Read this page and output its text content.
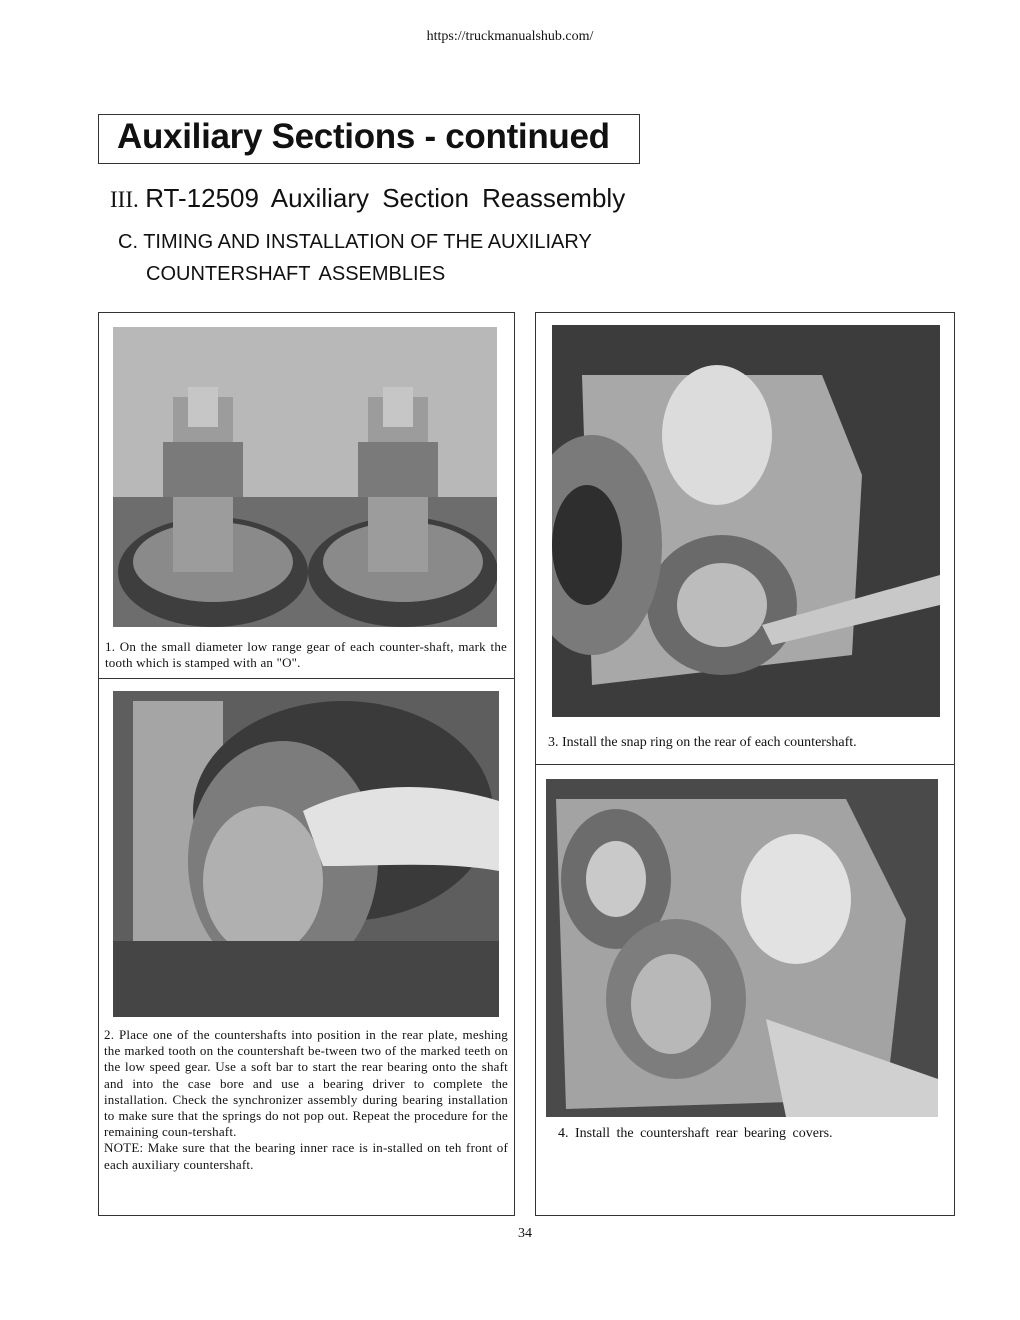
https://truckmanualshub.com/
Auxiliary Sections - continued
III. RT-12509 Auxiliary Section Reassembly
C. TIMING AND INSTALLATION OF THE AUXILIARY
COUNTERSHAFT ASSEMBLIES
1. On the small diameter low range gear of each counter-shaft, mark the tooth which is stamped with an "O".
2. Place one of the countershafts into position in the rear plate, meshing the marked tooth on the countershaft be-tween two of the marked teeth on the low speed gear. Use a soft bar to start the rear bearing onto the shaft and into the case bore and use a bearing driver to complete the installation. Check the synchronizer assembly during bearing installation to make sure that the springs do not pop out. Repeat the procedure for the remaining coun-tershaft.
NOTE: Make sure that the bearing inner race is in-stalled on teh front of each auxiliary countershaft.
3. Install the snap ring on the rear of each countershaft.
4. Install the countershaft rear bearing covers.
34
